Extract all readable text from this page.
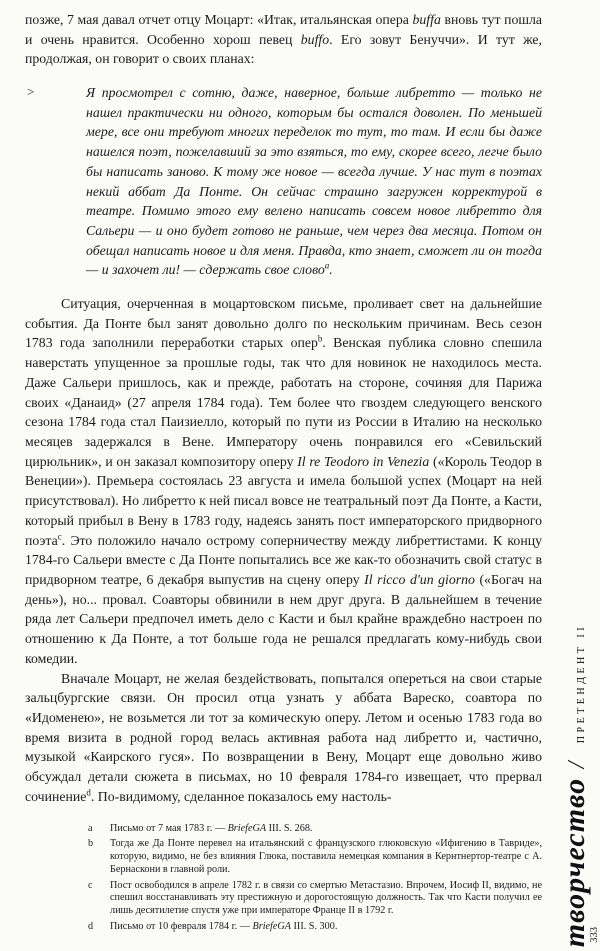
позже, 7 мая давал отчет отцу Моцарт: «Итак, итальянская опера buffa вновь тут пошла и очень нравится. Особенно хорош певец buffo. Его зовут Бенуччи». И тут же, продолжая, он говорит о своих планах:

>	Я просмотрел с сотню, даже, наверное, больше либретто — только не нашел практически ни одного, которым бы остался доволен. По меньшей мере, все они требуют многих переделок то тут, то там. И если бы даже нашелся поэт, пожелавший за это взяться, то ему, скорее всего, легче было бы написать заново. К тому же новое — всегда лучше. У нас тут в поэтах некий аббат Да Понте. Он сейчас страшно загружен корректурой в театре. Помимо этого ему велено написать совсем новое либретто для Сальери — и оно будет готово не раньше, чем через два месяца. Потом он обещал написать новое и для меня. Правда, кто знает, сможет ли он тогда — и захочет ли! — сдержать свое слово$^a$.

Ситуация, очерченная в моцартовском письме, проливает свет на дальнейшие события. Да Понте был занят довольно долго по нескольким причинам. Весь сезон 1783 года заполнили переработки старых опер$^b$. Венская публика словно спешила наверстать упущенное за прошлые годы, так что для новинок не находилось места. Даже Сальери пришлось, как и прежде, работать на стороне, сочиняя для Парижа своих «Данаид» (27 апреля 1784 года). Тем более что гвоздем следующего венского сезона 1784 года стал Паизиелло, который по пути из России в Италию на несколько месяцев задержался в Вене. Императору очень понравился его «Севильский цирюльник», и он заказал композитору оперу Il re Teodoro in Venezia («Король Теодор в Венеции»). Премьера состоялась 23 августа и имела большой успех (Моцарт на ней присутствовал). Но либретто к ней писал вовсе не театральный поэт Да Понте, а Касти, который прибыл в Вену в 1783 году, надеясь занять пост императорского придворного поэта$^c$. Это положило начало острому соперничеству между либреттистами. К концу 1784-го Сальери вместе с Да Понте попытались все же как-то обозначить свой статус в придворном театре, 6 декабря выпустив на сцену оперу Il ricco d'un giorno («Богач на день»), но... провал. Соавторы обвинили в нем друг друга. В дальнейшем в течение ряда лет Сальери предпочел иметь дело с Касти и был крайне враждебно настроен по отношению к Да Понте, а тот больше года не решался предлагать кому-нибудь свои комедии.

Вначале Моцарт, не желая бездействовать, попытался опереться на свои старые зальцбургские связи. Он просил отца узнать у аббата Вареско, соавтора по «Идоменею», не возьмется ли тот за комическую оперу. Летом и осенью 1783 года во время визита в родной город велась активная работа над либретто и, частично, музыкой «Каирского гуся». По возвращении в Вену, Моцарт еще довольно живо обсуждал детали сюжета в письмах, но 10 февраля 1784-го извещает, что прервал сочинение$^d$. По-видимому, сделанное показалось ему настоль-

a	Письмо от 7 мая 1783 г. — BriefeGA III. S. 268.
b	Тогда же Да Понте перевел на итальянский с французского глюковскую «Ифигению в Тавриде», которую, видимо, не без влияния Глюка, поставила немецкая компания в Кернтнертор-театре с А. Бернаскони в главной роли.
c	Пост освободился в апреле 1782 г. в связи со смертью Метастазио. Впрочем, Иосиф II, видимо, не спешил восстанавливать эту престижную и дорогостоящую должность. Так что Касти получил ее лишь десятилетие спустя уже при императоре Франце II в 1792 г.
d	Письмо от 10 февраля 1784 г. — BriefeGA III. S. 300.	творчество / ПРЕТЕНДЕНТ II
333
